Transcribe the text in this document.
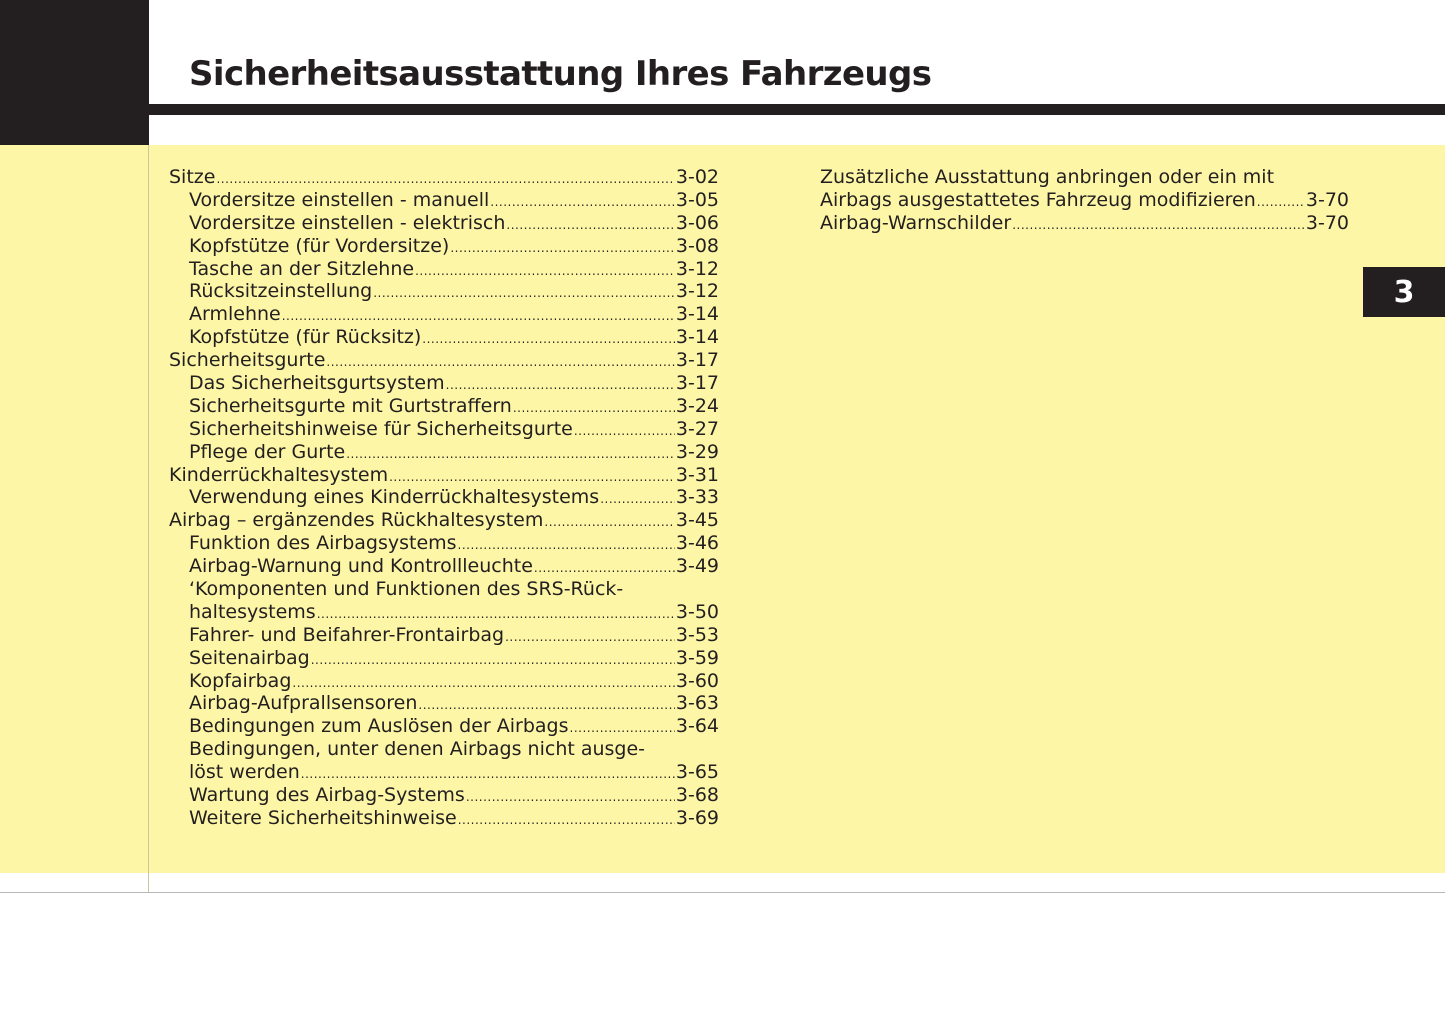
Sicherheitsausstattung Ihres Fahrzeugs
3
Sitze .....	3-02
Vordersitze einstellen - manuell .....	3-05
Vordersitze einstellen - elektrisch .....	3-06
Kopfstütze (für Vordersitze) .....	3-08
Tasche an der Sitzlehne .....	3-12
Rücksitzeinstellung .....	3-12
Armlehne .....	3-14
Kopfstütze (für Rücksitz) .....	3-14
Sicherheitsgurte .....	3-17
Das Sicherheitsgurtsystem .....	3-17
Sicherheitsgurte mit Gurtstraffern .....	3-24
Sicherheitshinweise für Sicherheitsgurte .....	3-27
Pflege der Gurte .....	3-29
Kinderrückhaltesystem .....	3-31
Verwendung eines Kinderrückhaltesystems .....	3-33
Airbag – ergänzendes Rückhaltesystem .....	3-45
Funktion des Airbagsystems .....	3-46
Airbag-Warnung und Kontrollleuchte .....	3-49
‘Komponenten und Funktionen des SRS-Rück-
haltesystems .....	3-50
Fahrer- und Beifahrer-Frontairbag .....	3-53
Seitenairbag .....	3-59
Kopfairbag .....	3-60
Airbag-Aufprallsensoren .....	3-63
Bedingungen zum Auslösen der Airbags .....	3-64
Bedingungen, unter denen Airbags nicht ausge-
löst werden .....	3-65
Wartung des Airbag-Systems .....	3-68
Weitere Sicherheitshinweise .....	3-69
Zusätzliche Ausstattung anbringen oder ein mit
Airbags ausgestattetes Fahrzeug modifizieren .....	3-70
Airbag-Warnschilder .....	3-70
